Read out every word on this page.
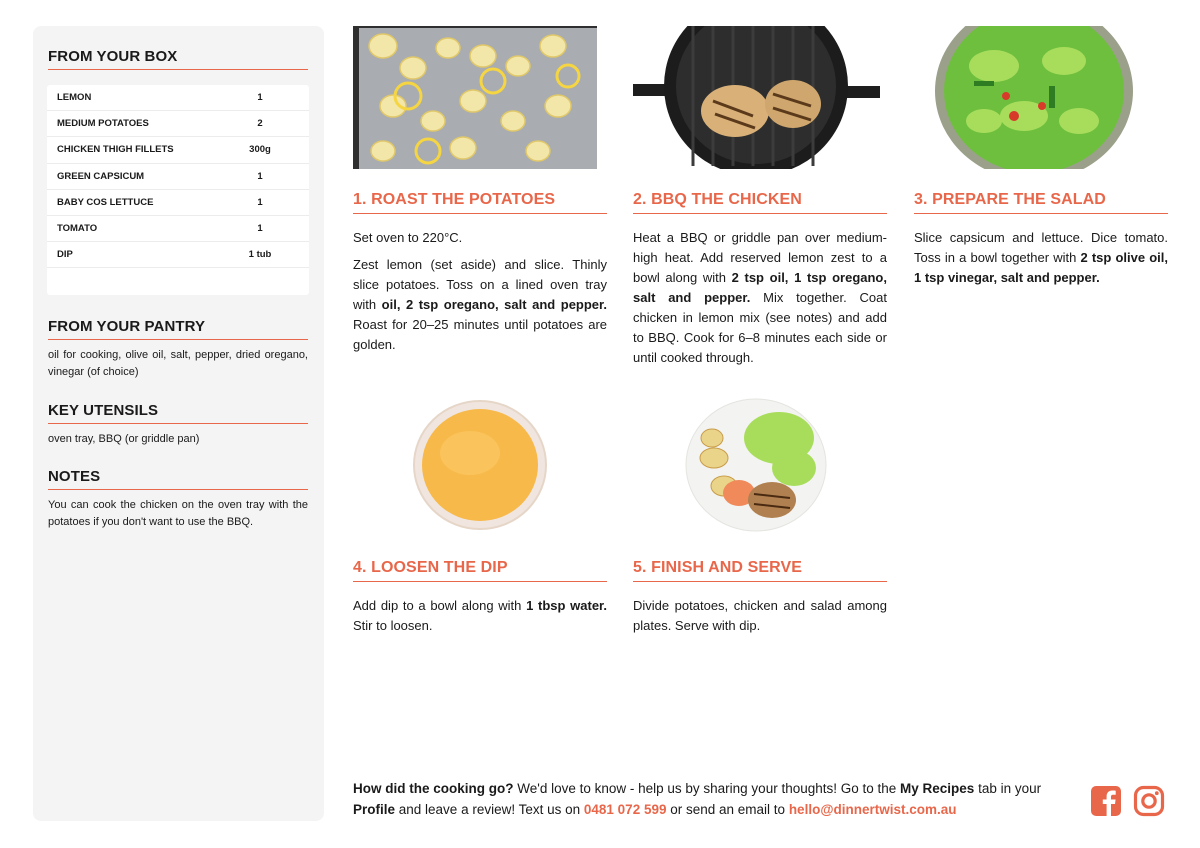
FROM YOUR BOX
LEMON	1
MEDIUM POTATOES	2
CHICKEN THIGH FILLETS	300g
GREEN CAPSICUM	1
BABY COS LETTUCE	1
TOMATO	1
DIP	1 tub
FROM YOUR PANTRY
oil for cooking, olive oil, salt, pepper, dried oregano, vinegar (of choice)
KEY UTENSILS
oven tray, BBQ (or griddle pan)
NOTES
You can cook the chicken on the oven tray with the potatoes if you don't want to use the BBQ.
1. ROAST THE POTATOES

Set oven to 220°C.

Zest lemon (set aside) and slice. Thinly slice potatoes. Toss on a lined oven tray with oil, 2 tsp oregano, salt and pepper. Roast for 20–25 minutes until potatoes are golden.

2. BBQ THE CHICKEN

Heat a BBQ or griddle pan over medium-high heat. Add reserved lemon zest to a bowl along with 2 tsp oil, 1 tsp oregano, salt and pepper. Mix together. Coat chicken in lemon mix (see notes) and add to BBQ. Cook for 6–8 minutes each side or until cooked through.

3. PREPARE THE SALAD

Slice capsicum and lettuce. Dice tomato. Toss in a bowl together with 2 tsp olive oil, 1 tsp vinegar, salt and pepper.

4. LOOSEN THE DIP

Add dip to a bowl along with 1 tbsp water. Stir to loosen.

5. FINISH AND SERVE

Divide potatoes, chicken and salad among plates. Serve with dip.

How did the cooking go? We'd love to know - help us by sharing your thoughts! Go to the My Recipes tab in your Profile and leave a review! Text us on 0481 072 599 or send an email to hello@dinnertwist.com.au
